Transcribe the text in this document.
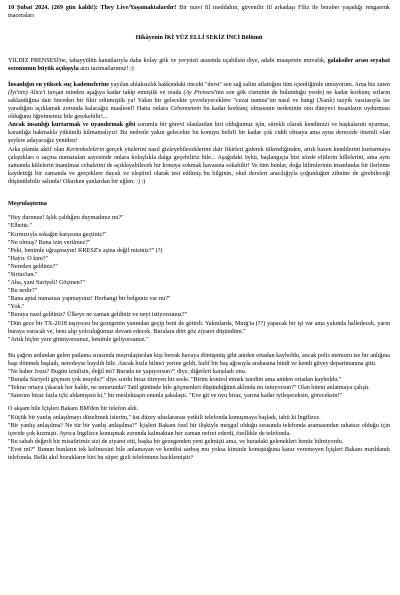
10 Şubat 2024, (269 gün kaldı!): They Live/Yaşamaktalardır! Bir mavi fil meddahın, güvenilir fil arkadaşı Filiz ile beraber yaşadığı rengarenk maceraları

Hikâyenin İKİ YÜZ ELLİ SEKİZ İNCİ Bölümü

YILDIZ PRENSESİ'ne, tahayyülün kanatlarıyla daha kolay gök ve yeryüzü arasında uçabilsin diye, adabı muaşerete muvafık, galaksiler arası seyahat sezonunun büyük açılışıyla arzı tazimatlarımız! :)

İnsanlığın en yüksek suç kademelerine yayılan ahlaksızlık hakkındaki önceki "derst" sen sağ salim atlattığını tüm içtenliğimle umuyorum. Ama biz zaten (İyi'nin) Alice'i tavşan ininden aşağıya kadar takip etmiştik ve orada (Ay Prensesi'nin son gök cisminin de bulunduğu yerde) ne kadar korkunç sırların saklandığına dair önceden bir fikir edinmiştik ya! Yakın bir gelecekte çevreleyeceklere "cezai namus"un nasıl ve hangi (Xanlı) tazyik vasıtasıyla ise yaradığını açıklamak zorunda kalacağız maalesef! Hatta onlara Cehennemin bu kadar korkunç olmasının nedeninin onu dünyevi insanların uydurması olduğunu öğretmemiz bile gerekebilir!...

Ancak insanlığı kurtarmak ve uyandırmak gibi sorumlu bir görevi olanlardan biri olduğumuz için, sürekli olarak kendimizi ve başkalarını uyarmaı, karanlığa bakmakla yükümlü kılmamalıyız! Bu nedenle yakın gelecekte bu konuyu belirli bir kadar çok ciddi olmaya ama ayna derecede önemli olan şeylere adayacağız yeniden!

Arka planda aktif olan Kertenkelelerin gerçek yüzlerini nasıl gizleyebileceklerine dair fikirleri giderek tükendiğinden, artık bazen kendilerini kurtarmaya çalıştıkları o saçma numaraları sayesinde onlara kolaylıkla dalga geçebiliriz bile... Aşağıdaki öykü, başlangıçta bizi sözde elitlerin hillelerini, ama aynı zamanda kitlelerin inanılmaz cehaletini de açıklayabilecek bir konuya sokmak havasına sokabilir! Ve tüm bunlar, doğa bilimlerinin imanlındaı bir ilerleme kaydettiği bir zamanda ve gerçeklere dayalı ve eleştirel olarak test edilmiş bu bilginin, okul dersleri aracılığıyla çoğunluğun zihnine de girebileceği düşünülebilir aslında! Okurken şunlardan bir eğlen: :) :)

Meşrulaştırma

"Hey durunuz! Işlık çaldığını duymadınız mı?"

"Elbette."

"Kırmızıyla sokağın karşısına geçtiniz!"

"Ne olmuş? Buna izin verilmez?"

"Peki, benimle uğraşmayın! KRESZ'e aşina değil misiniz?" (?)

"Hayır. O kim?"

"Nereden geldiniz?"

"Sirius'tan."

"Aha, yani Suriyeli! Göçmen?"

"Bu nedir?"

"Bana aptal numarası yapmayınız! Herhangi bir belgeniz var mı?"

"Yok."

"Buraya nasıl geldiniz? Ülkeye ne zaman geldiniz ve neyi istiyorsunuz?"

"Dün gece bir TX-2018 taşıyıcısı bu gezegenin yanından geçip beni de getirdi. Yakınlarda, Murg'ta (??) yapacak bir işi var ama yakında halledecek, yarın buraya varacak ve, beni alıp yolculuğumuz devam edecek. Buralara dört göz ziyaret düşündüm."

"Artık hiçbir yere gitmiyorsunuz, benimle geliyorsunuz."

Bu çağrın ardından gelen patlama sırasında meşrulaştırılan kişi berrak havaya dönüşmüş gibi aniden ortadan kayboldu, ancak polis memuru ise bir anlığına başı dönmek başladı, neredeyse bayıldı bile. Ancak hızla bilinci yerine geldi, hafif bir baş ağrısıyla arabasına bindi ve kendi güvey departmanına gitti.

"Ne haber Jozsi? Bugün izinlisin, değil mi? Burada ne yapıyorsun?" diye, diğerleri karşıladı onu.

"Burada Suriyeli göçmen yok muydu?" diye sordu biraz titreyen bir sesle. "Birini kontrol etmek istedim ama aniden ortadan kayboldu."

"Tekrar ortaya çıkacak her halde, ne umurunda? Tatil gününde bile göçmenleri düşündüğünü aklında mı tutuyorsun?" Olan biteni anlatmaya çalıştı.

"Sanırım biraz fazla içki aldamışsın ki," bir meslektaşın onunla şakalaştı. "Eve git ve uyu biraz, yarına kadar iyileşeceksin, göreceksin!"

O akşam bile İçişleri Bakanı BM'den bir telefon aldı.

"Küçük bir yanlış anlaşılmayı düzeltmek isterim," üst düzey uluslararası yetkili telefonda konuşmaya başladı, tabii ki İngilizce.

"Bir yanlış anlaşılma? Ne tür bir yanlış anlaşılma?" İçişleri Bakanı özel bir ilişkiyle meşgul olduğu sırasında telefonda aramasından rahatsız olduğu için içeride çok kızmıştı. Ayrıca İngilizce konuşmak zorunda kalmaktan her zaman nefret ederdi, özellikle de telefonda.

"Bu sabah değerli bir misafirimiz sizi de ziyaret etti, başka bir gezegenden yeni gelmişti ama, ve buradaki gelenekleri henüz bilmiyordu.

"Evet mi?" Bunun bunların tek kelimesini bile anlamayan ve kendisi sarhoş mu yoksa kiminle konuştuğuna karar veremeyen İçişleri Bakanı mırıldandı telefonda. Belki akıl bozukların biri bu süper gizli telefonunu hacklemiştir?
